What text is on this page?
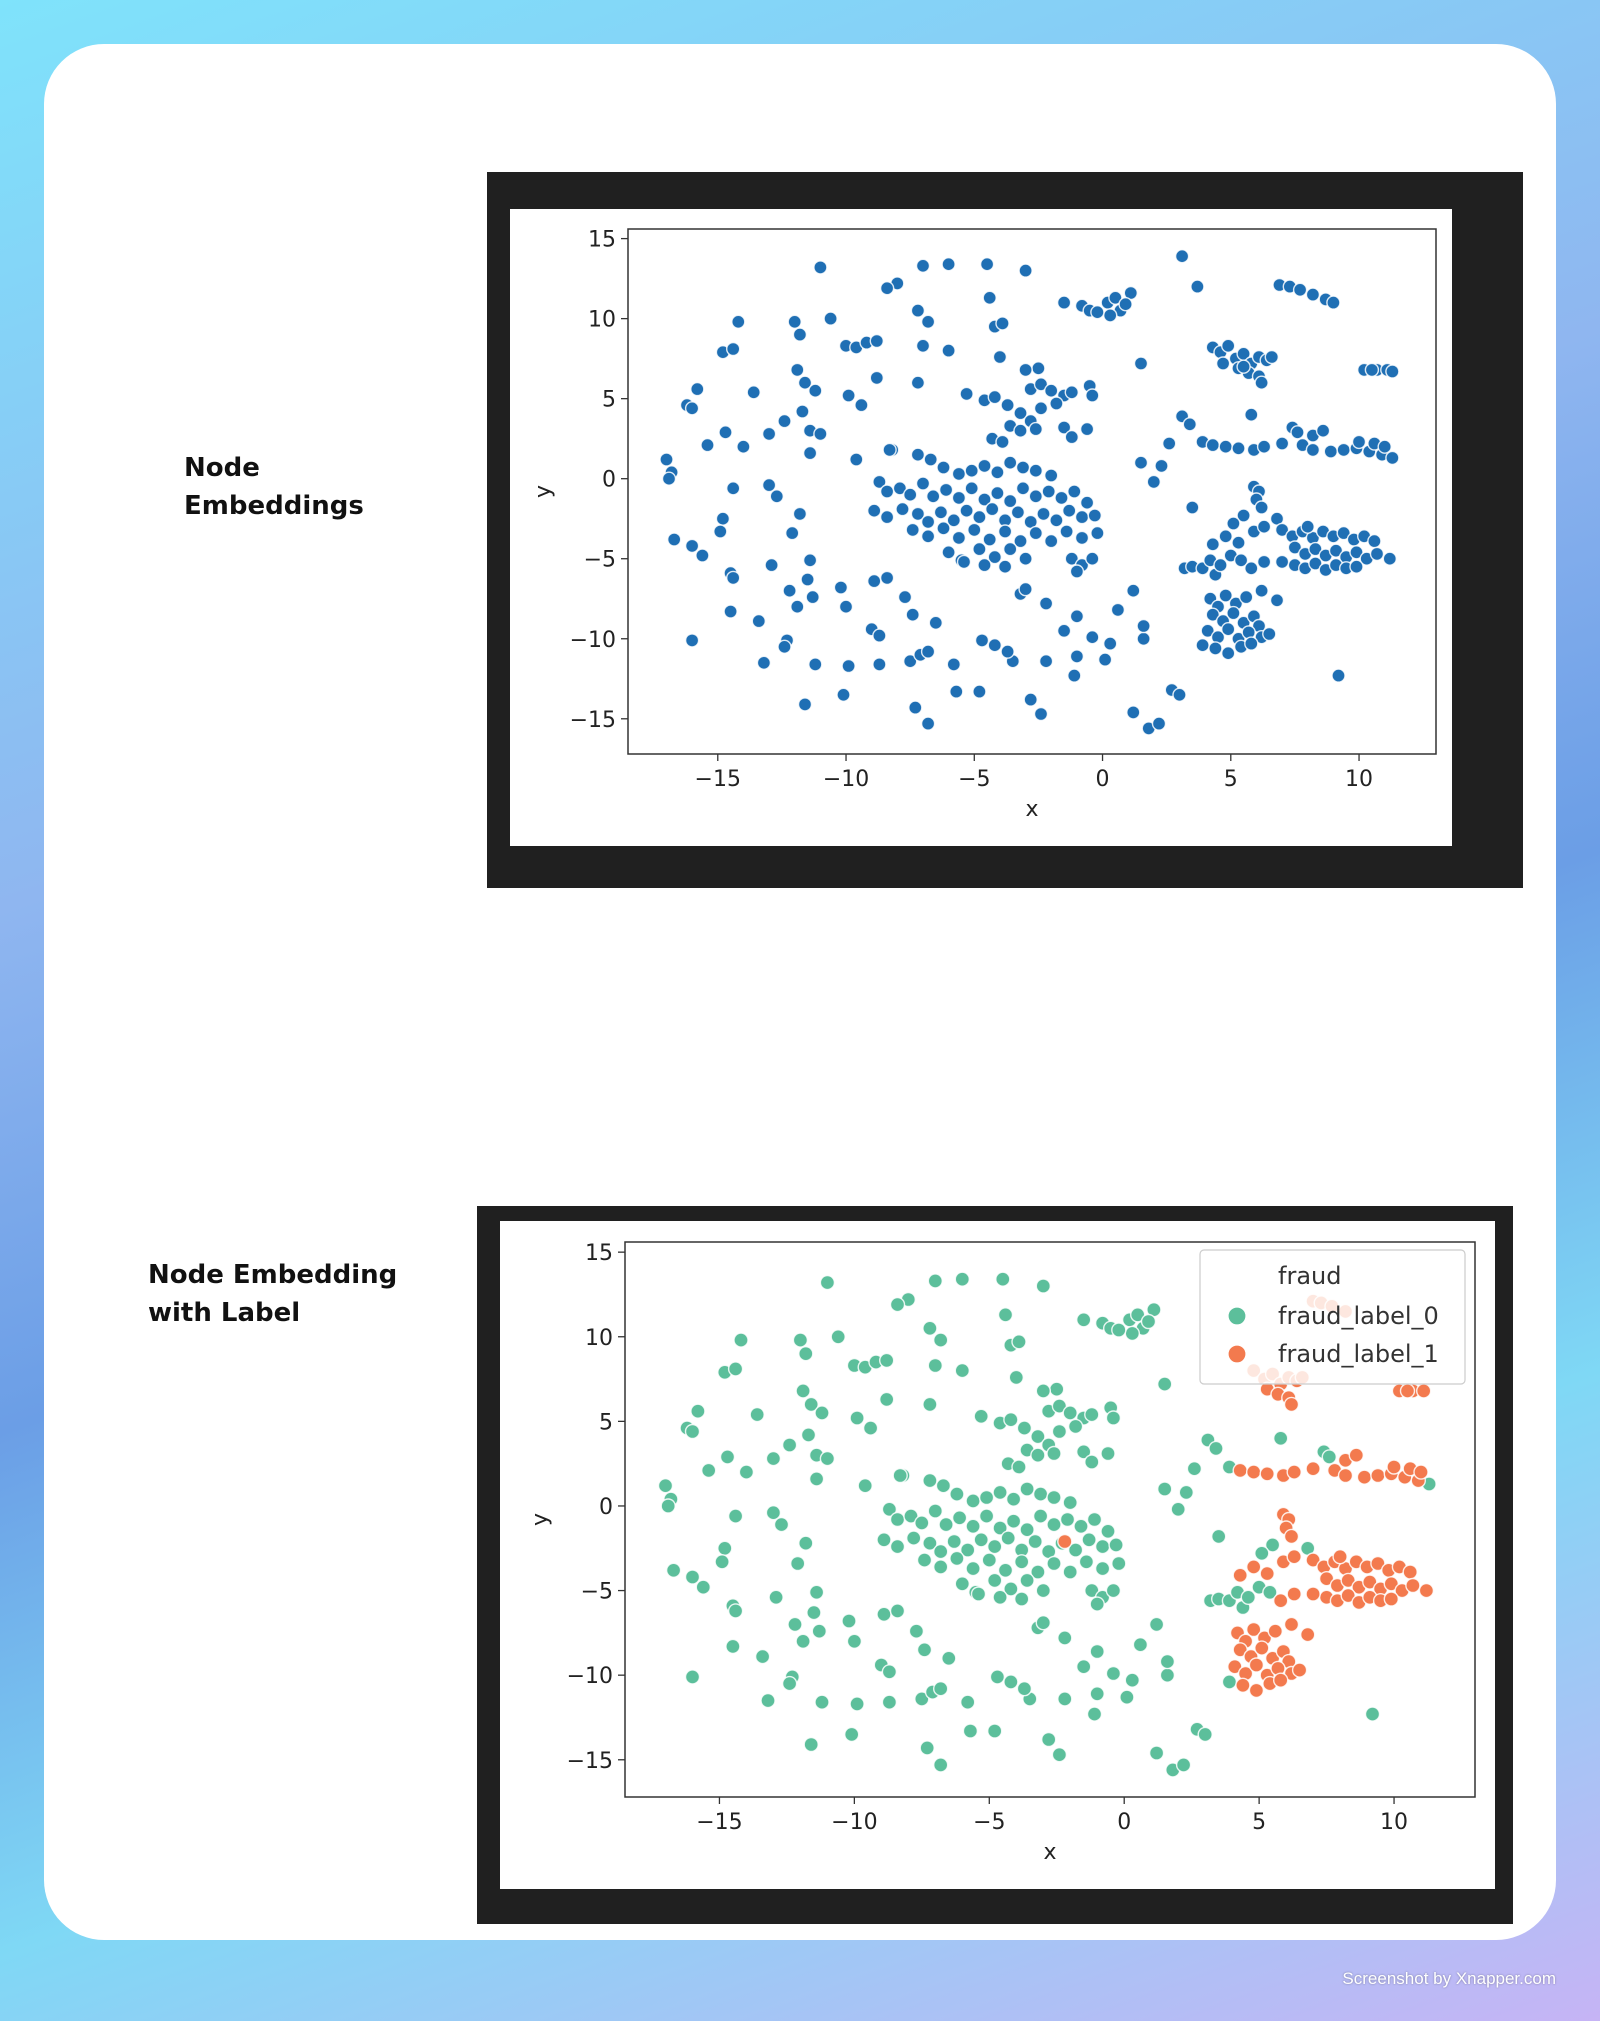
Node
Embeddings
−15	−10	−5	0	5	10
−15
−10
−5
0
5
10
15
x
y
Node Embedding
with Label
−15	−10	−5	0	5	10
−15
−10
−5
0
5
10
15
x
y
fraud
fraud_label_0
fraud_label_1
Screenshot by Xnapper.com
